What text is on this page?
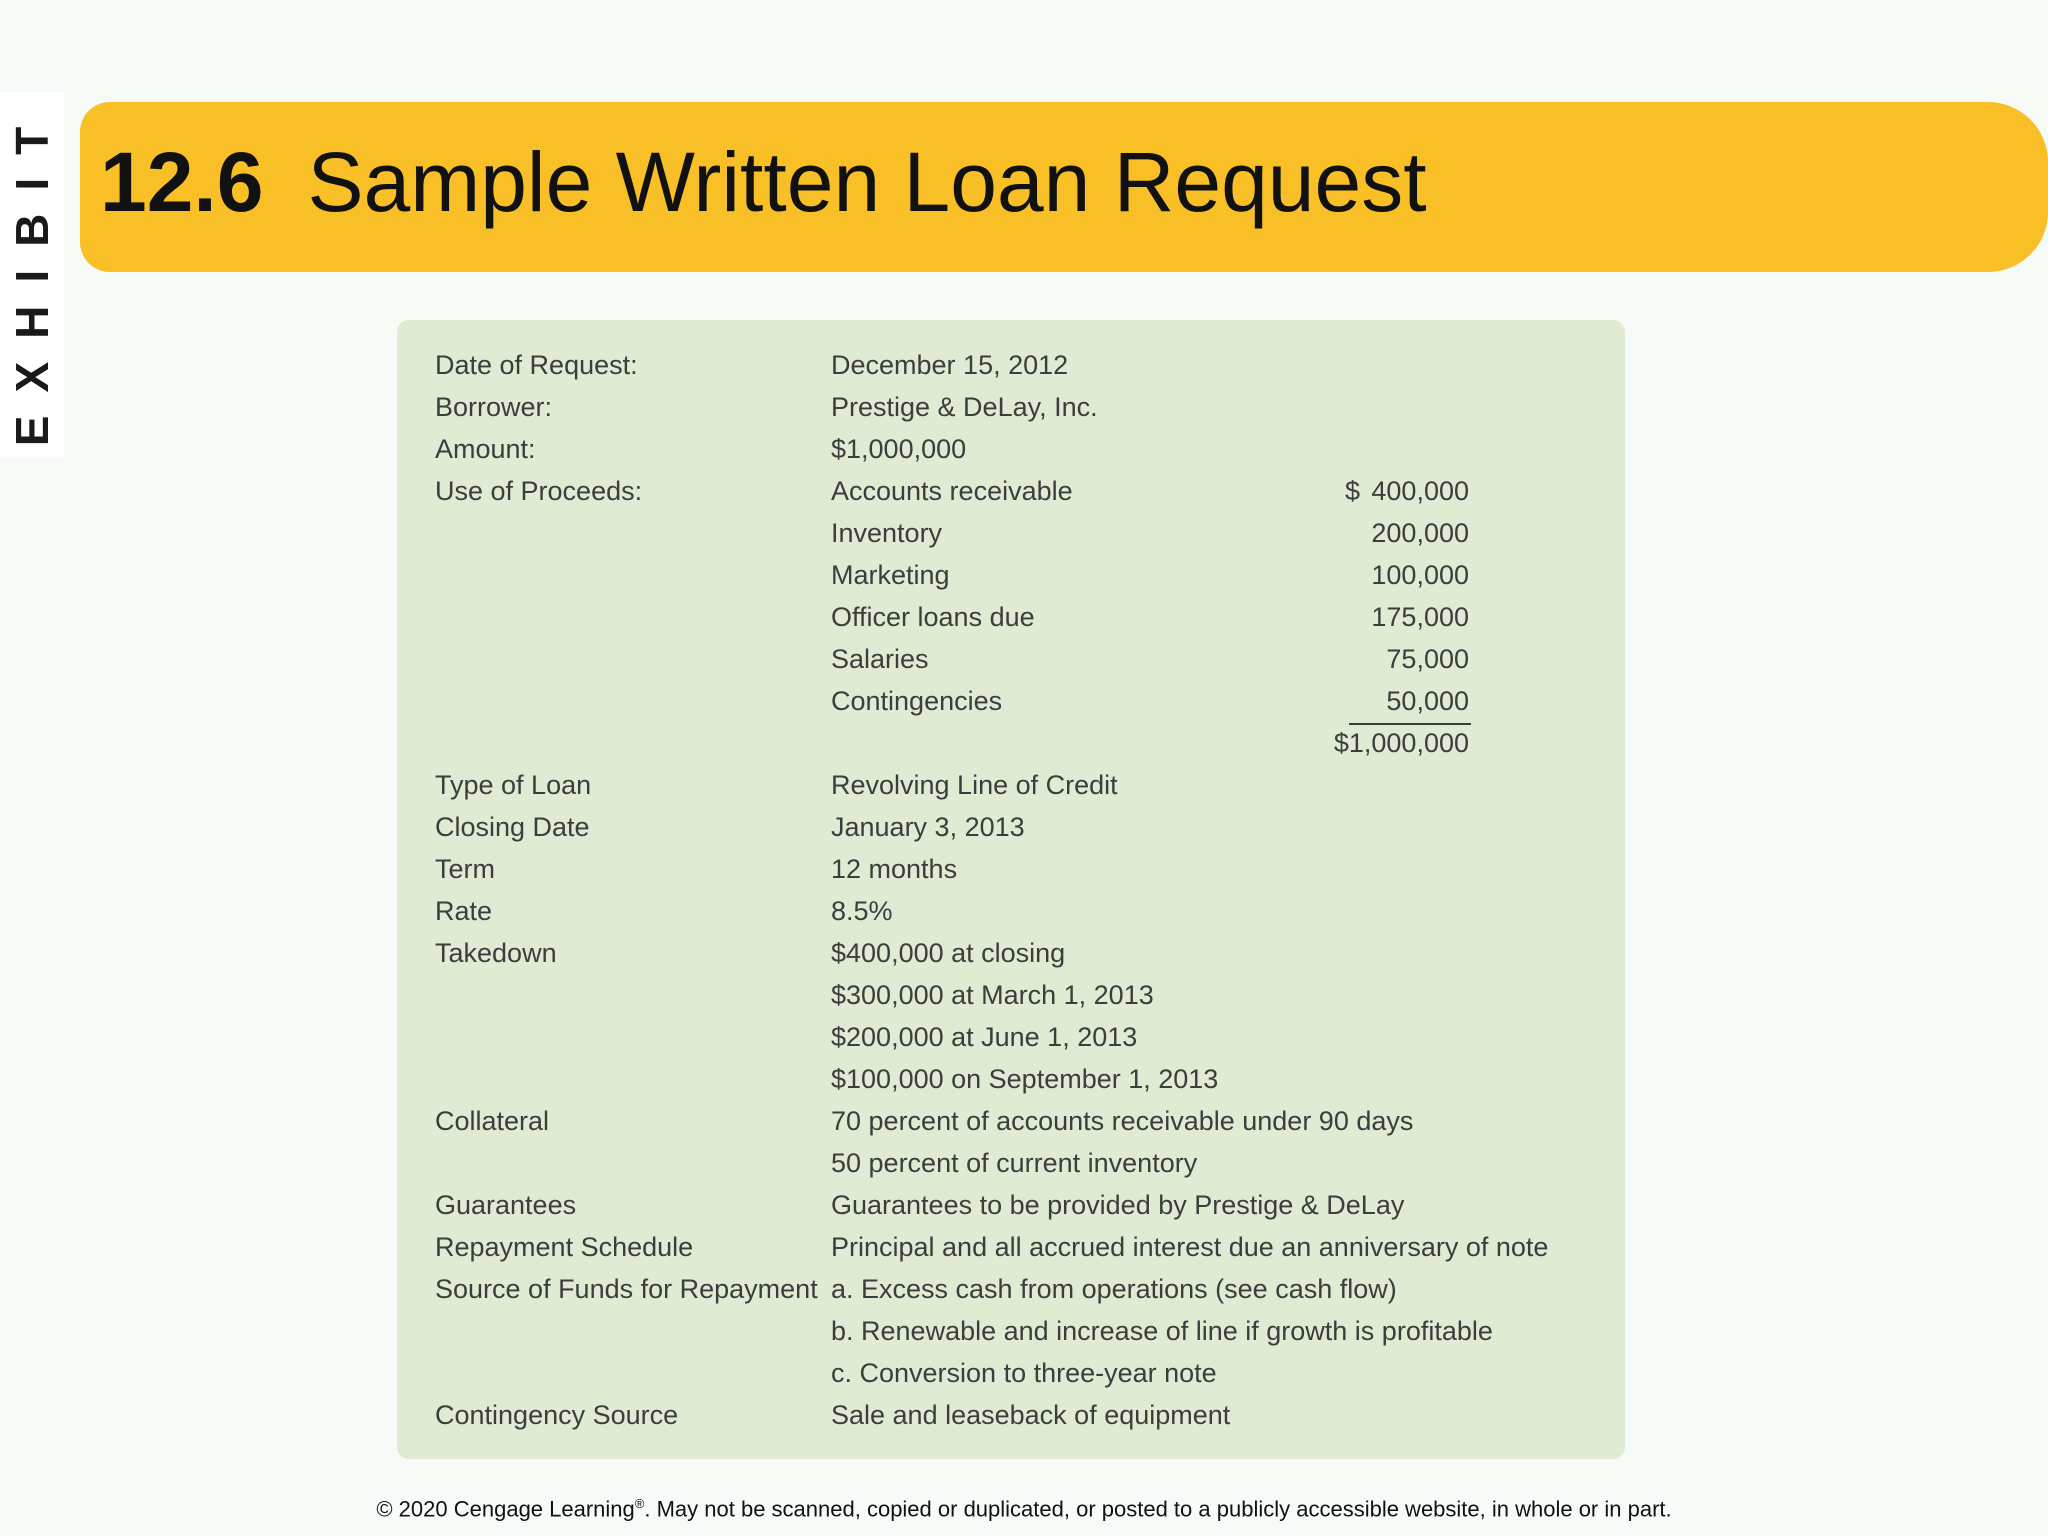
EXHIBIT 12.6 Sample Written Loan Request
Date of Request:	December 15, 2012
Borrower:	Prestige & DeLay, Inc.
Amount:	$1,000,000
Use of Proceeds:	Accounts receivable	$ 400,000
Inventory	200,000
Marketing	100,000
Officer loans due	175,000
Salaries	75,000
Contingencies	50,000
$1,000,000
Type of Loan	Revolving Line of Credit
Closing Date	January 3, 2013
Term	12 months
Rate	8.5%
Takedown	$400,000 at closing
$300,000 at March 1, 2013
$200,000 at June 1, 2013
$100,000 on September 1, 2013
Collateral	70 percent of accounts receivable under 90 days
50 percent of current inventory
Guarantees	Guarantees to be provided by Prestige & DeLay
Repayment Schedule	Principal and all accrued interest due an anniversary of note
Source of Funds for Repayment a. Excess cash from operations (see cash flow)
b. Renewable and increase of line if growth is profitable
c. Conversion to three-year note
Contingency Source	Sale and leaseback of equipment
© 2020 Cengage Learning®. May not be scanned, copied or duplicated, or posted to a publicly accessible website, in whole or in part.
